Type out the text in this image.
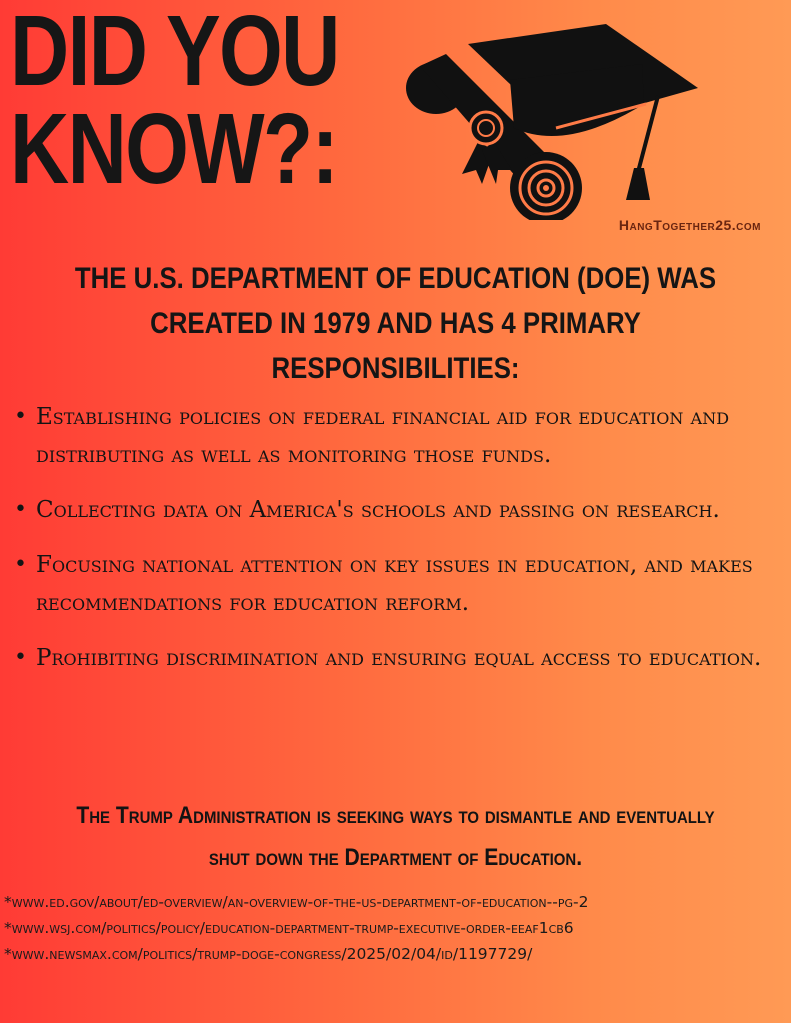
DID YOU
KNOW?:
HangTogether25.com
THE U.S. DEPARTMENT OF EDUCATION (DOE) WAS CREATED IN 1979 AND HAS 4 PRIMARY RESPONSIBILITIES:
• Establishing policies on federal financial aid for education and distributing as well as monitoring those funds.
• Collecting data on America's schools and passing on research.
• Focusing national attention on key issues in education, and makes recommendations for education reform.
• Prohibiting discrimination and ensuring equal access to education.
The Trump Administration is seeking ways to dismantle and eventually shut down the Department of Education.
*www.ed.gov/about/ed-overview/an-overview-of-the-us-department-of-education--pg-2
*www.wsj.com/politics/policy/education-department-trump-executive-order-eeaf1cb6
*www.newsmax.com/politics/trump-doge-congress/2025/02/04/id/1197729/
